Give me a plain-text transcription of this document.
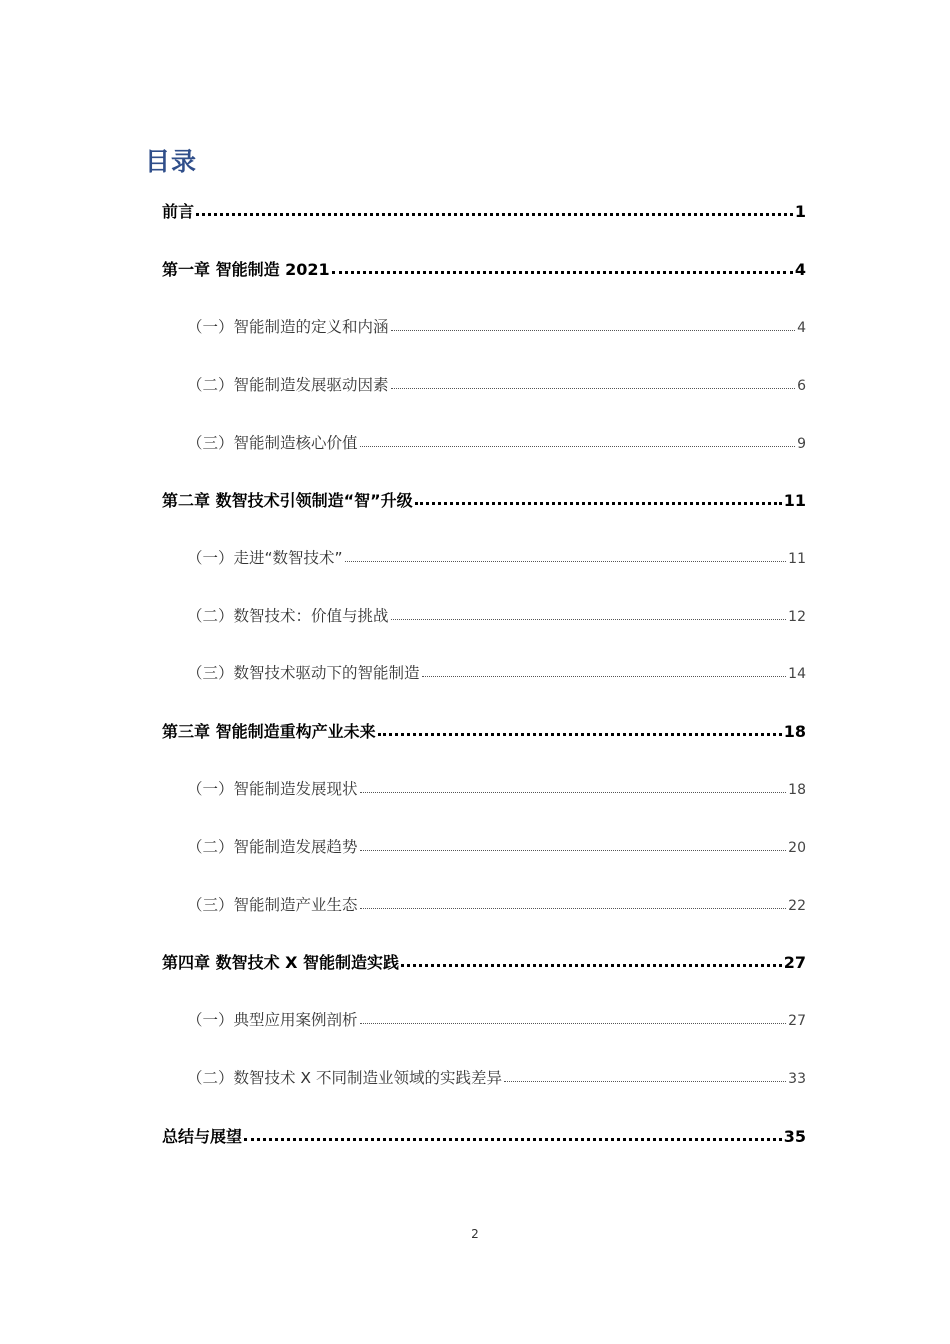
目录
前言	1
第一章 智能制造 2021	4
（一）智能制造的定义和内涵	4
（二）智能制造发展驱动因素	6
（三）智能制造核心价值	9
第二章 数智技术引领制造“智”升级	11
（一）走进“数智技术”	11
（二）数智技术：价值与挑战	12
（三）数智技术驱动下的智能制造	14
第三章 智能制造重构产业未来	18
（一）智能制造发展现状	18
（二）智能制造发展趋势	20
（三）智能制造产业生态	22
第四章 数智技术 X 智能制造实践	27
（一）典型应用案例剖析	27
（二）数智技术 X 不同制造业领域的实践差异	33
总结与展望	35
2
